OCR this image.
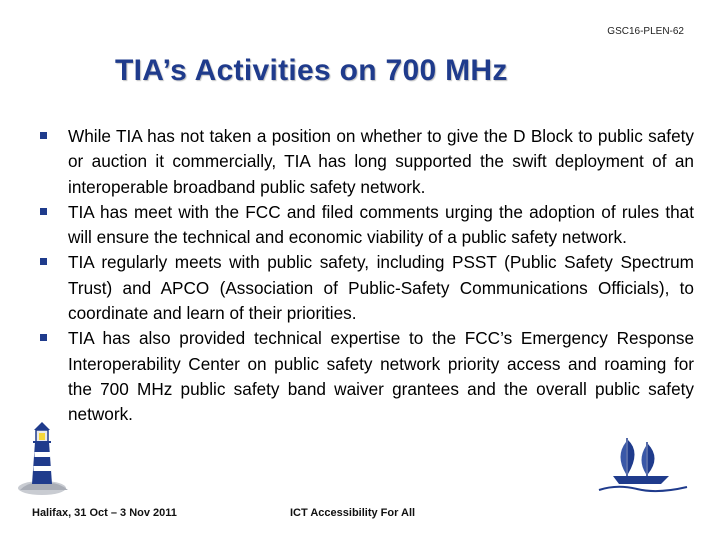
GSC16-PLEN-62
TIA’s Activities on 700 MHz
While TIA has not taken a position on whether to give the D Block to public safety or auction it commercially, TIA has long supported the swift deployment of an interoperable broadband public safety network.
TIA has meet with the FCC and filed comments urging the adoption of rules that will ensure the technical and economic viability of a public safety network.
TIA regularly meets with public safety, including PSST (Public Safety Spectrum Trust) and APCO (Association of Public-Safety Communications Officials), to coordinate and learn of their priorities.
TIA has also provided technical expertise to the FCC’s Emergency Response Interoperability Center on public safety network priority access and roaming for the 700 MHz public safety band waiver grantees and the overall public safety network.
Halifax, 31 Oct – 3 Nov 2011	ICT Accessibility For All
